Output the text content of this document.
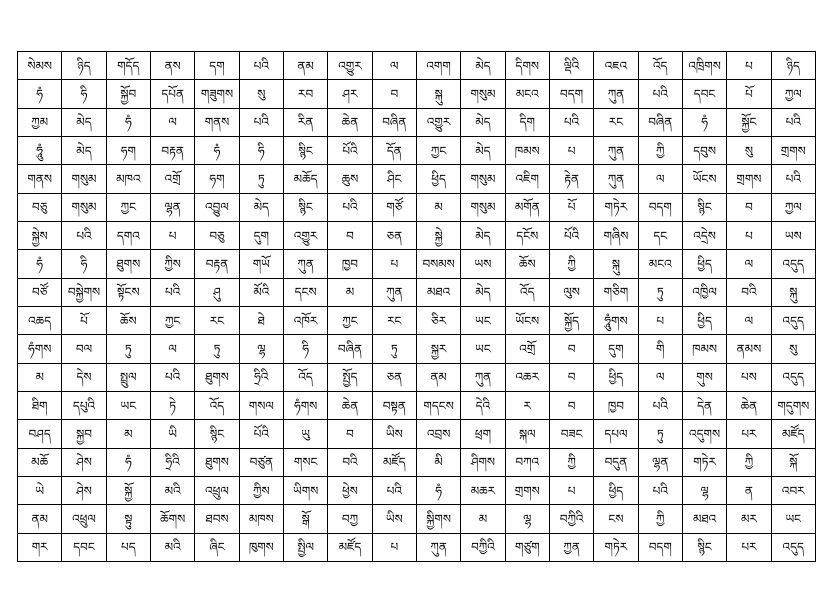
སེམས	ཉིད	གདོད	ནས	དག	པའི	ནམ	འགྱུར	ལ	འགག	མེད	དིགས	ལྡིའི	འཇའ	འོད	འཁྲིགས	པ	ཉིད
ཧཾ	ཧི	སྐྱོབ	དཔོན	གཟུགས	སུ	རབ	ཤར	བ	སྐུ	གསུམ	མངའ	བདག	ཀུན	པའི	དབང	པོ	ཀྱལ
ཀྱམ	མེད	ཧཾ	ལ	གནས	པའི	རིན	ཆེན	བཞིན	འགྱུར	མེད	དིག	པའི	རང	བཞིན	ཧཾ	སྐྱོང	པའི
ཧཱུཾ	མེད	ཧག	བརྟན	ཧཾ	ཧི	སྙིང	པོའི	དོན	ཀྱང	མེད	ཁམས	པ	ཀུན	ཀྱི	དབུས	སུ	གྲགས
གནས	གསུམ	མཁའ	འགྲོ	ཧག	ཏུ	མཆོད	ཆུས	ཤིང	ཕྱིད	གསུམ	འཇིག	རྟེན	ཀུན	ལ	ཡོངས	གྲགས	པའི
བཅུ	གསུམ	ཀྱང	ལྷན	འབྱུལ	མེད	སྙིང	པའི	གཙོ	མ	གསུམ	མགོན	པོ	གཏེར	བདག	སྙིང	བ	ཀྱལ
སྐྱེས	པའི	དགའ	པ	བཅུ	དུག	འགྱུར	བ	ཅན	སྐྱེ	མེད	དངོས	པོའི	གཞིས	དང	འདྲེས	པ	ཡས
ཧཾ	ཧི	ཐུགས	ཀྱིས	བརྟན	གཡོ	ཀུན	ཁྱབ	པ	བསམས	ཡས	ཆོས	ཀྱི	སྐུ	མངའ	ཕྱིད	ལ	འདུད
བཙོ	བསྐྱེགས	སྟོངས	པའི	ཤུ	མོའི	དངས	མ	ཀུན	མཐའ	མེད	འོད	ལུས	གཅིག	ཏུ	འཁྱིལ	བའི	སྐུ
འཆད	པོ	ཆོས	ཀྱང	རང	ཐེ	འཁོར	ཀྱང	རང	ཅིར	ཡང	ཡོངས	སྐྱོད	ཧཱུཾགས	པ	ཕྱིད	ལ	འདུད
ཧཾགས	བལ	ཏུ	ལ	ཏུ	ལྷ	ཧི	བཞིན	ཏུ	སྐྱར	ཡང	འགྲོ	བ	དུག	གི	ཁམས	ནམས	སུ
མ	དེས	སྤྲུལ	པའི	ཐུགས	ཧྲིའི	འོད	སྤྱོད	ཅན	ནམ	ཀུན	འཆར	བ	ཕྱིད	ལ	གུས	པས	འདུད
ཐིག	དཔུའི	ཡང	ཏེ	འོད	གསལ	ཧཾགས	ཆེན	བསྟན	གདངས	དེའི	ར	བ	ཁྱབ	པའི	དེན	ཆེན	གདུགས
བཤད	སྐྱབ	མ	ཡི	སྙིང	པོའི	ཡུ	བ	ཡིས	འབྲས	ཕྲག	སྐལ	བཟང	དཔལ	ཏུ	འདུགས	པར	མཛོད
མཆོ	ཤེས	ཧཾ	ཧྲིའི	ཐུགས	བཙུན	གསང	བའི	མཛོད	མི	ཤིགས	བཀའ	ཀྱི	བདུན	ལྷན	གཏེར	ཀྱི	སྐོ
ཡེ	ཤེས	སྐྱོ	མའི	འཕྲུལ	ཀྱིས	ཡིགས	ཕྱེས	པའི	ཧཾ	མཆར	གྲགས	པ	ཕྱིད	པའི	ལྷ	ན	འབར
ནམ	འཕྲུལ	སྟུ	ཆོགས	ཐབས	མཁས	སྒོ	བཀྱ	ཡིས	སྐྱིགས	མ	ལྷ	བཀྱིའི	ངས	ཀྱི	མཐའ	མར	ཡང
གར	དབང	པད	མའི	ཞིང	ཁུགས	སྤྱིལ	མཛོད	པ	ཀུན	བཀྱིའི	གཙུག	ཀྱན	གཏེར	བདག	སྙིང	པར	འདུད
